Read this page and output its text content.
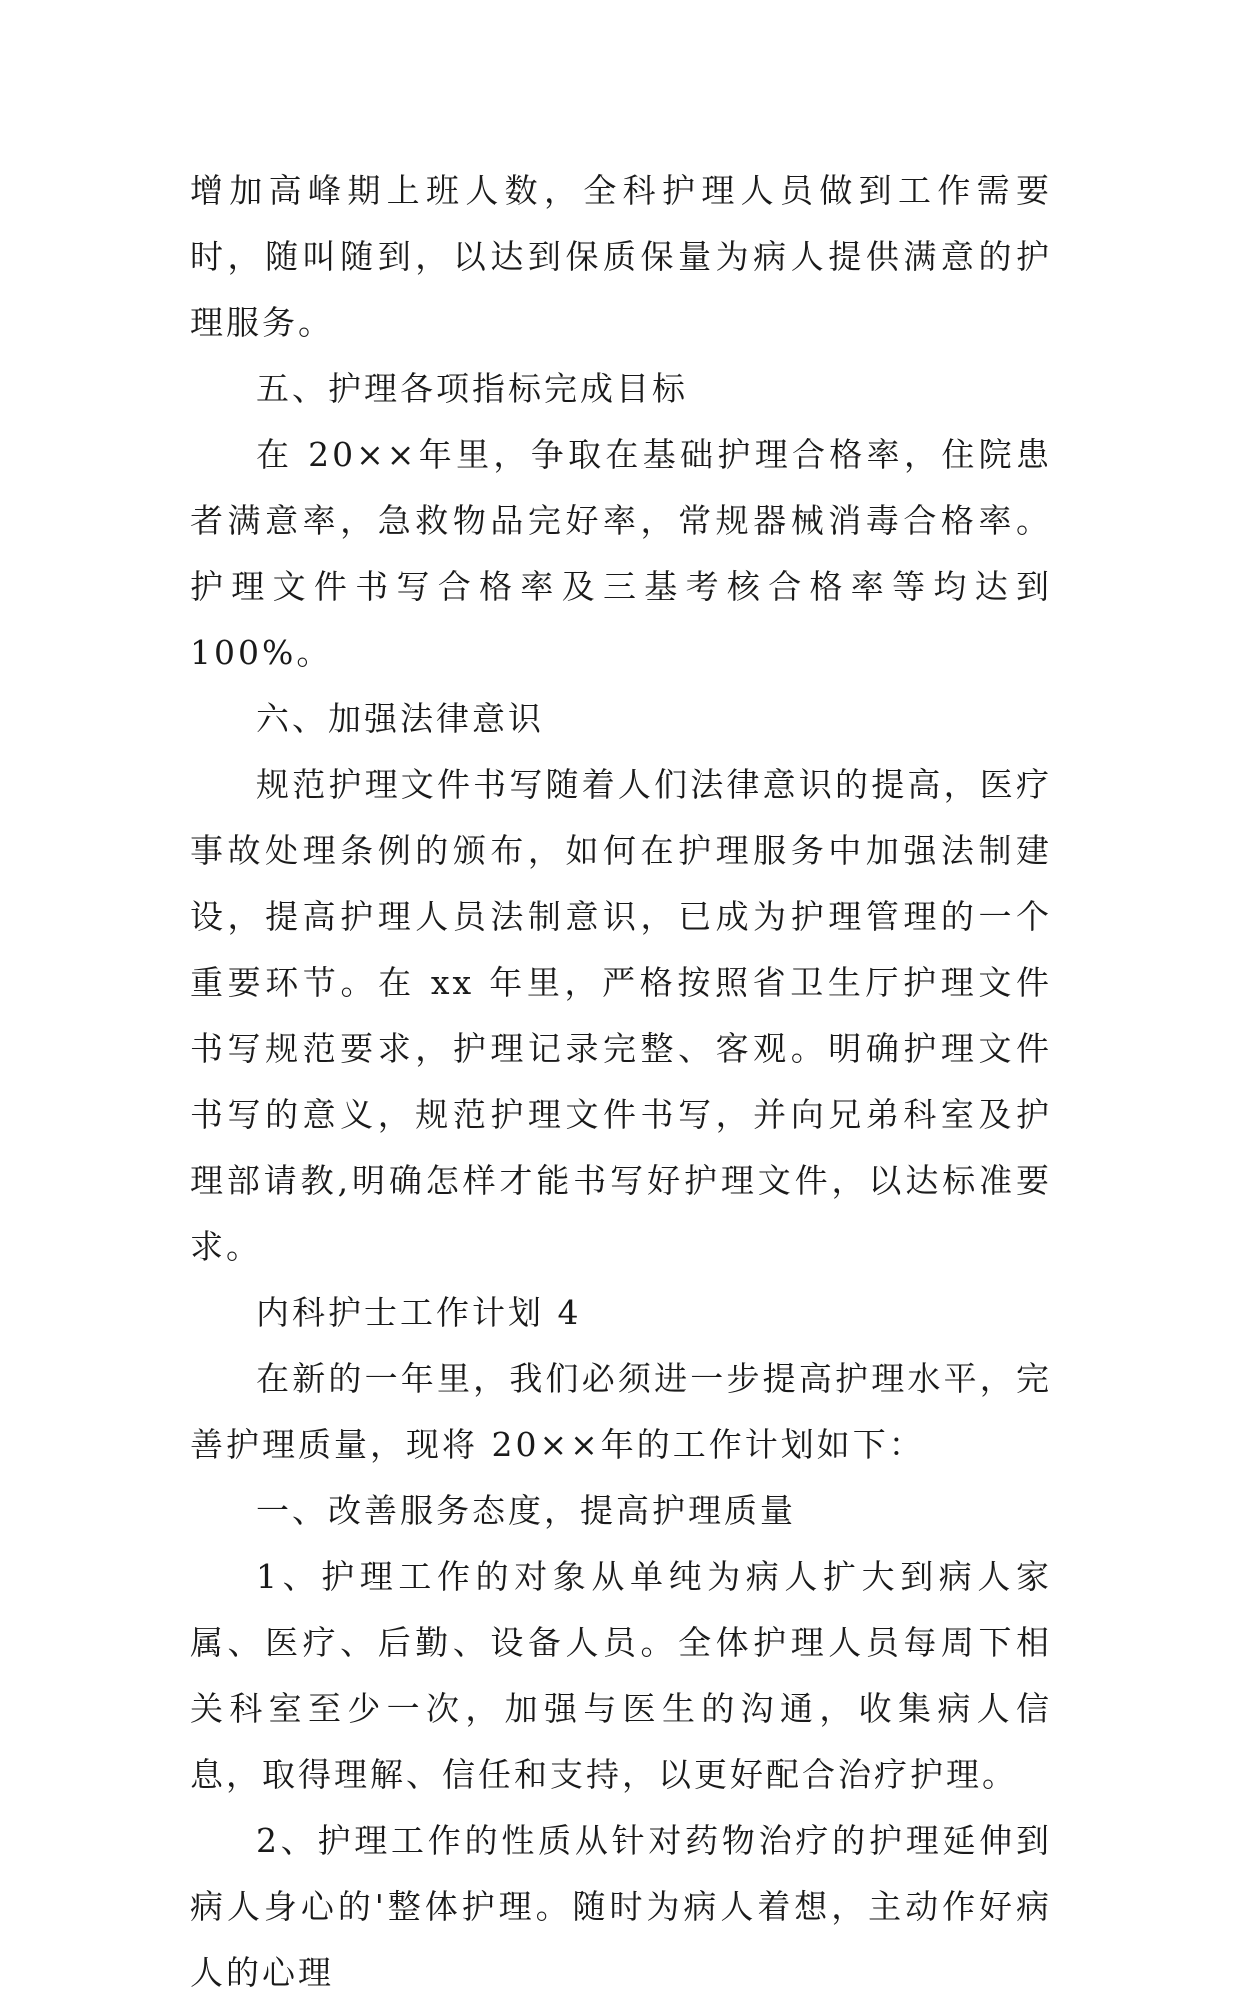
增加高峰期上班人数，全科护理人员做到工作需要时，随叫随到，以达到保质保量为病人提供满意的护理服务。

五、护理各项指标完成目标

在 20××年里，争取在基础护理合格率，住院患者满意率，急救物品完好率，常规器械消毒合格率。护理文件书写合格率及三基考核合格率等均达到 100%。

六、加强法律意识

规范护理文件书写随着人们法律意识的提高，医疗事故处理条例的颁布，如何在护理服务中加强法制建设，提高护理人员法制意识，已成为护理管理的一个重要环节。在 xx 年里，严格按照省卫生厅护理文件书写规范要求，护理记录完整、客观。明确护理文件书写的意义，规范护理文件书写，并向兄弟科室及护理部请教,明确怎样才能书写好护理文件，以达标准要求。

内科护士工作计划 4

在新的一年里，我们必须进一步提高护理水平，完善护理质量，现将 20××年的工作计划如下：

一、改善服务态度，提高护理质量

1、护理工作的对象从单纯为病人扩大到病人家属、医疗、后勤、设备人员。全体护理人员每周下相关科室至少一次，加强与医生的沟通，收集病人信息，取得理解、信任和支持，以更好配合治疗护理。

2、护理工作的性质从针对药物治疗的护理延伸到病人身心的'整体护理。随时为病人着想，主动作好病人的心理
